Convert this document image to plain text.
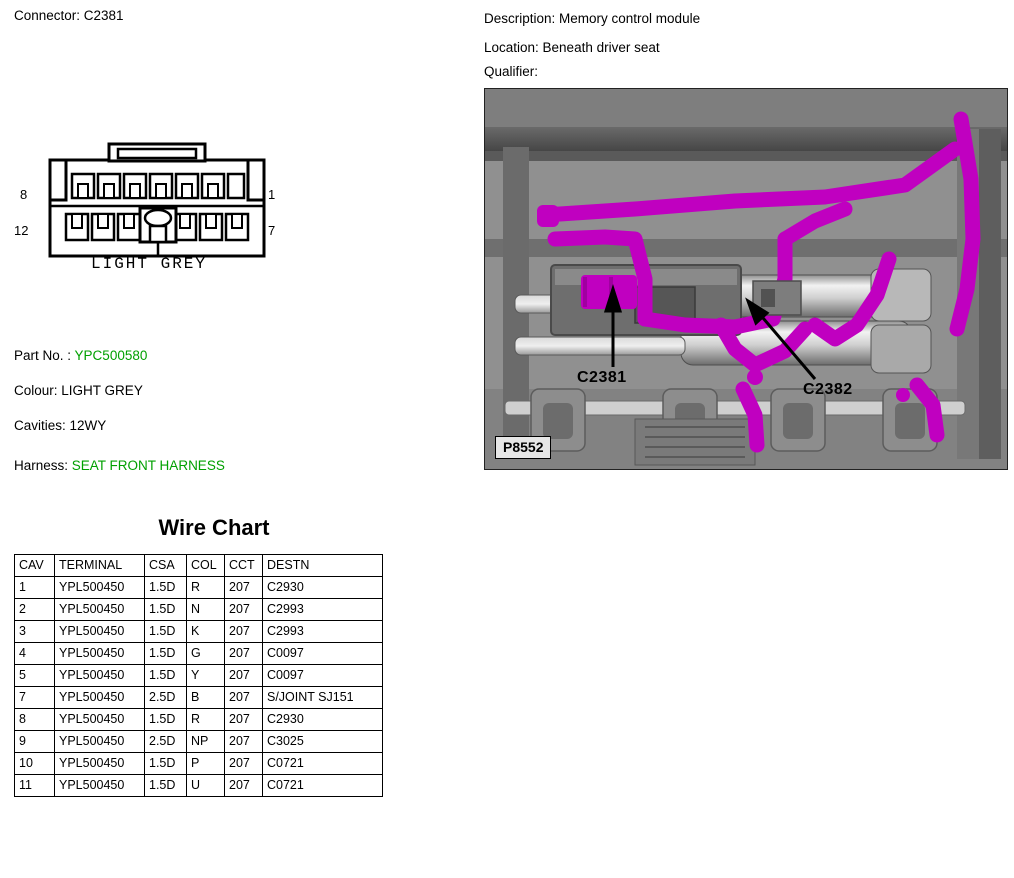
Connector: C2381
8	1
12	7
LIGHT GREY
Part No. : YPC500580
Colour: LIGHT GREY
Cavities: 12WY
Harness: SEAT FRONT HARNESS
Wire Chart
CAV	TERMINAL	CSA	COL	CCT	DESTN
1	YPL500450	1.5D	R	207	C2930
2	YPL500450	1.5D	N	207	C2993
3	YPL500450	1.5D	K	207	C2993
4	YPL500450	1.5D	G	207	C0097
5	YPL500450	1.5D	Y	207	C0097
7	YPL500450	2.5D	B	207	S/JOINT SJ151
8	YPL500450	1.5D	R	207	C2930
9	YPL500450	2.5D	NP	207	C3025
10	YPL500450	1.5D	P	207	C0721
11	YPL500450	1.5D	U	207	C0721
Description: Memory control module
Location: Beneath driver seat
Qualifier:
C2381
C2382
P8552
